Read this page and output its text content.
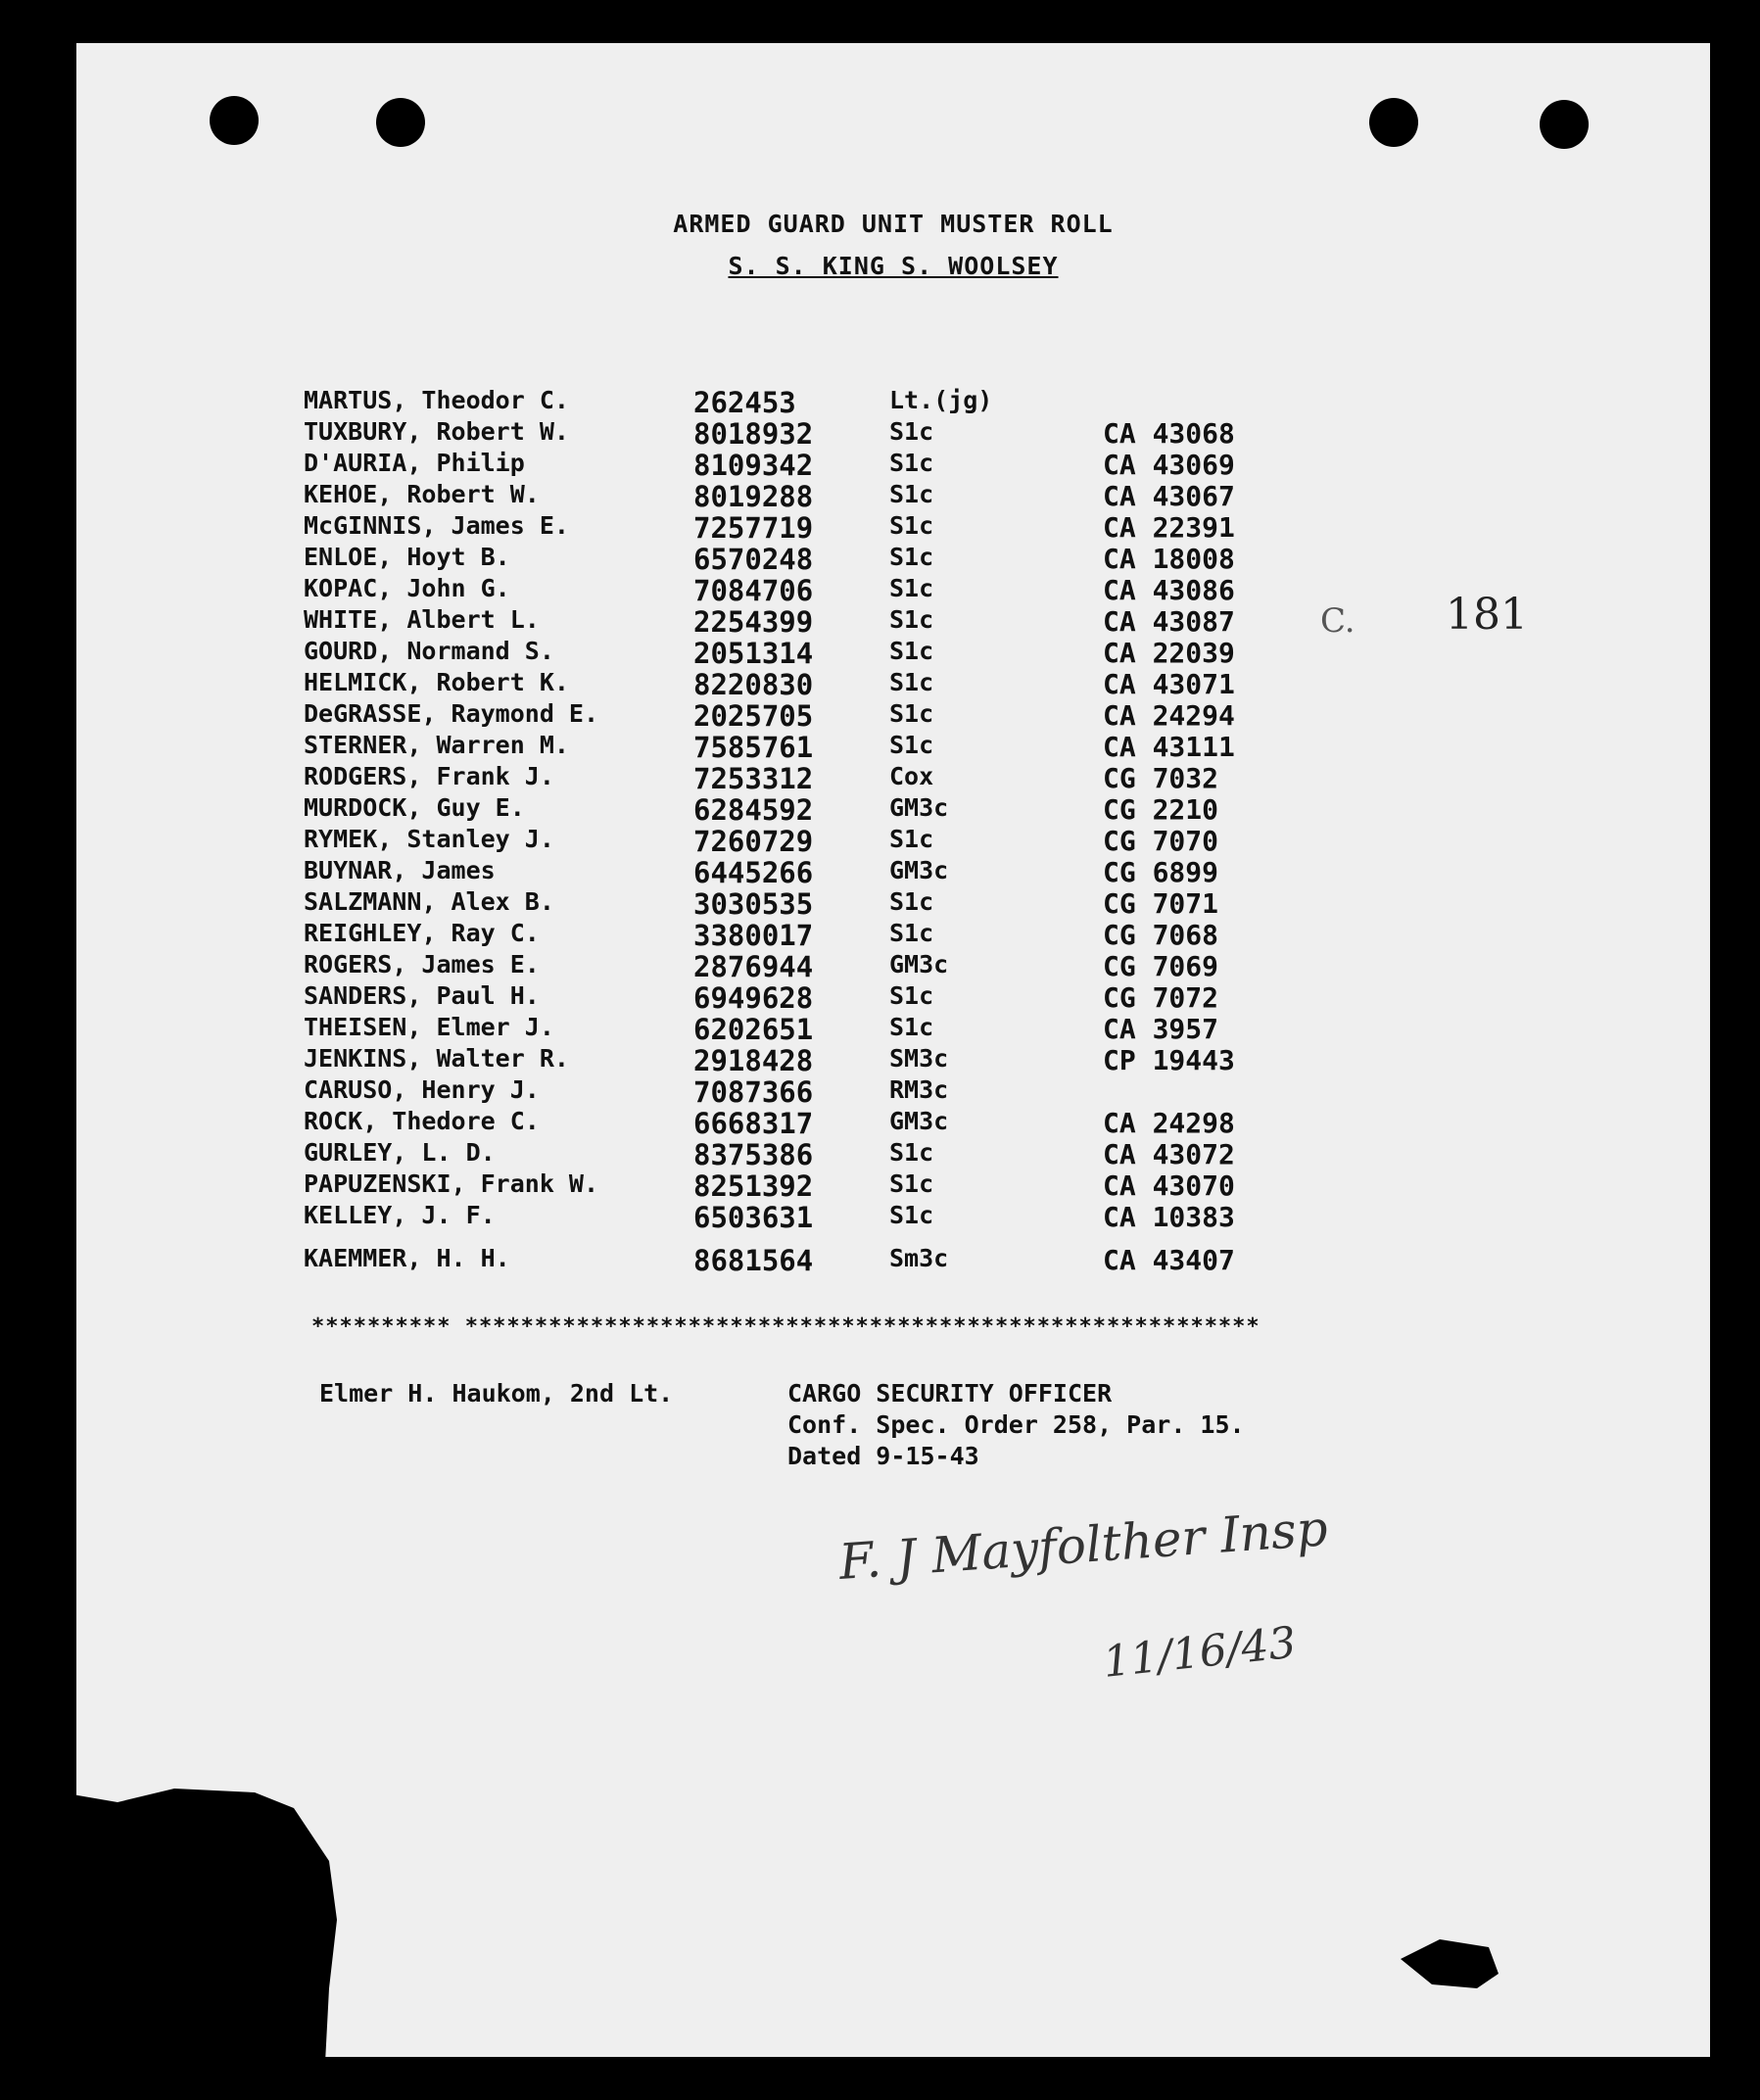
ARMED GUARD UNIT MUSTER ROLL
S. S. KING S. WOOLSEY
C. 181
MARTUS, Theodor C.	262453	Lt.(jg)
TUXBURY, Robert W.	8018932	S1c	CA 43068
D'AURIA, Philip	8109342	S1c	CA 43069
KEHOE, Robert W.	8019288	S1c	CA 43067
McGINNIS, James E.	7257719	S1c	CA 22391
ENLOE, Hoyt B.	6570248	S1c	CA 18008
KOPAC, John G.	7084706	S1c	CA 43086
WHITE, Albert L.	2254399	S1c	CA 43087
GOURD, Normand S.	2051314	S1c	CA 22039
HELMICK, Robert K.	8220830	S1c	CA 43071
DeGRASSE, Raymond E.	2025705	S1c	CA 24294
STERNER, Warren M.	7585761	S1c	CA 43111
RODGERS, Frank J.	7253312	Cox	CG 7032
MURDOCK, Guy E.	6284592	GM3c	CG 2210
RYMEK, Stanley J.	7260729	S1c	CG 7070
BUYNAR, James	6445266	GM3c	CG 6899
SALZMANN, Alex B.	3030535	S1c	CG 7071
REIGHLEY, Ray C.	3380017	S1c	CG 7068
ROGERS, James E.	2876944	GM3c	CG 7069
SANDERS, Paul H.	6949628	S1c	CG 7072
THEISEN, Elmer J.	6202651	S1c	CA 3957
JENKINS, Walter R.	2918428	SM3c	CP 19443
CARUSO, Henry J.	7087366	RM3c
ROCK, Thedore C.	6668317	GM3c	CA 24298
GURLEY, L. D.	8375386	S1c	CA 43072
PAPUZENSKI, Frank W.	8251392	S1c	CA 43070
KELLEY, J. F.	6503631	S1c	CA 10383
KAEMMER, H. H.	8681564	Sm3c	CA 43407
********** *********************************************************
Elmer H. Haukom, 2nd Lt.	CARGO SECURITY OFFICER
Conf. Spec. Order 258, Par. 15.
Dated 9-15-43
F. J Mayfolther Insp
11/16/43
